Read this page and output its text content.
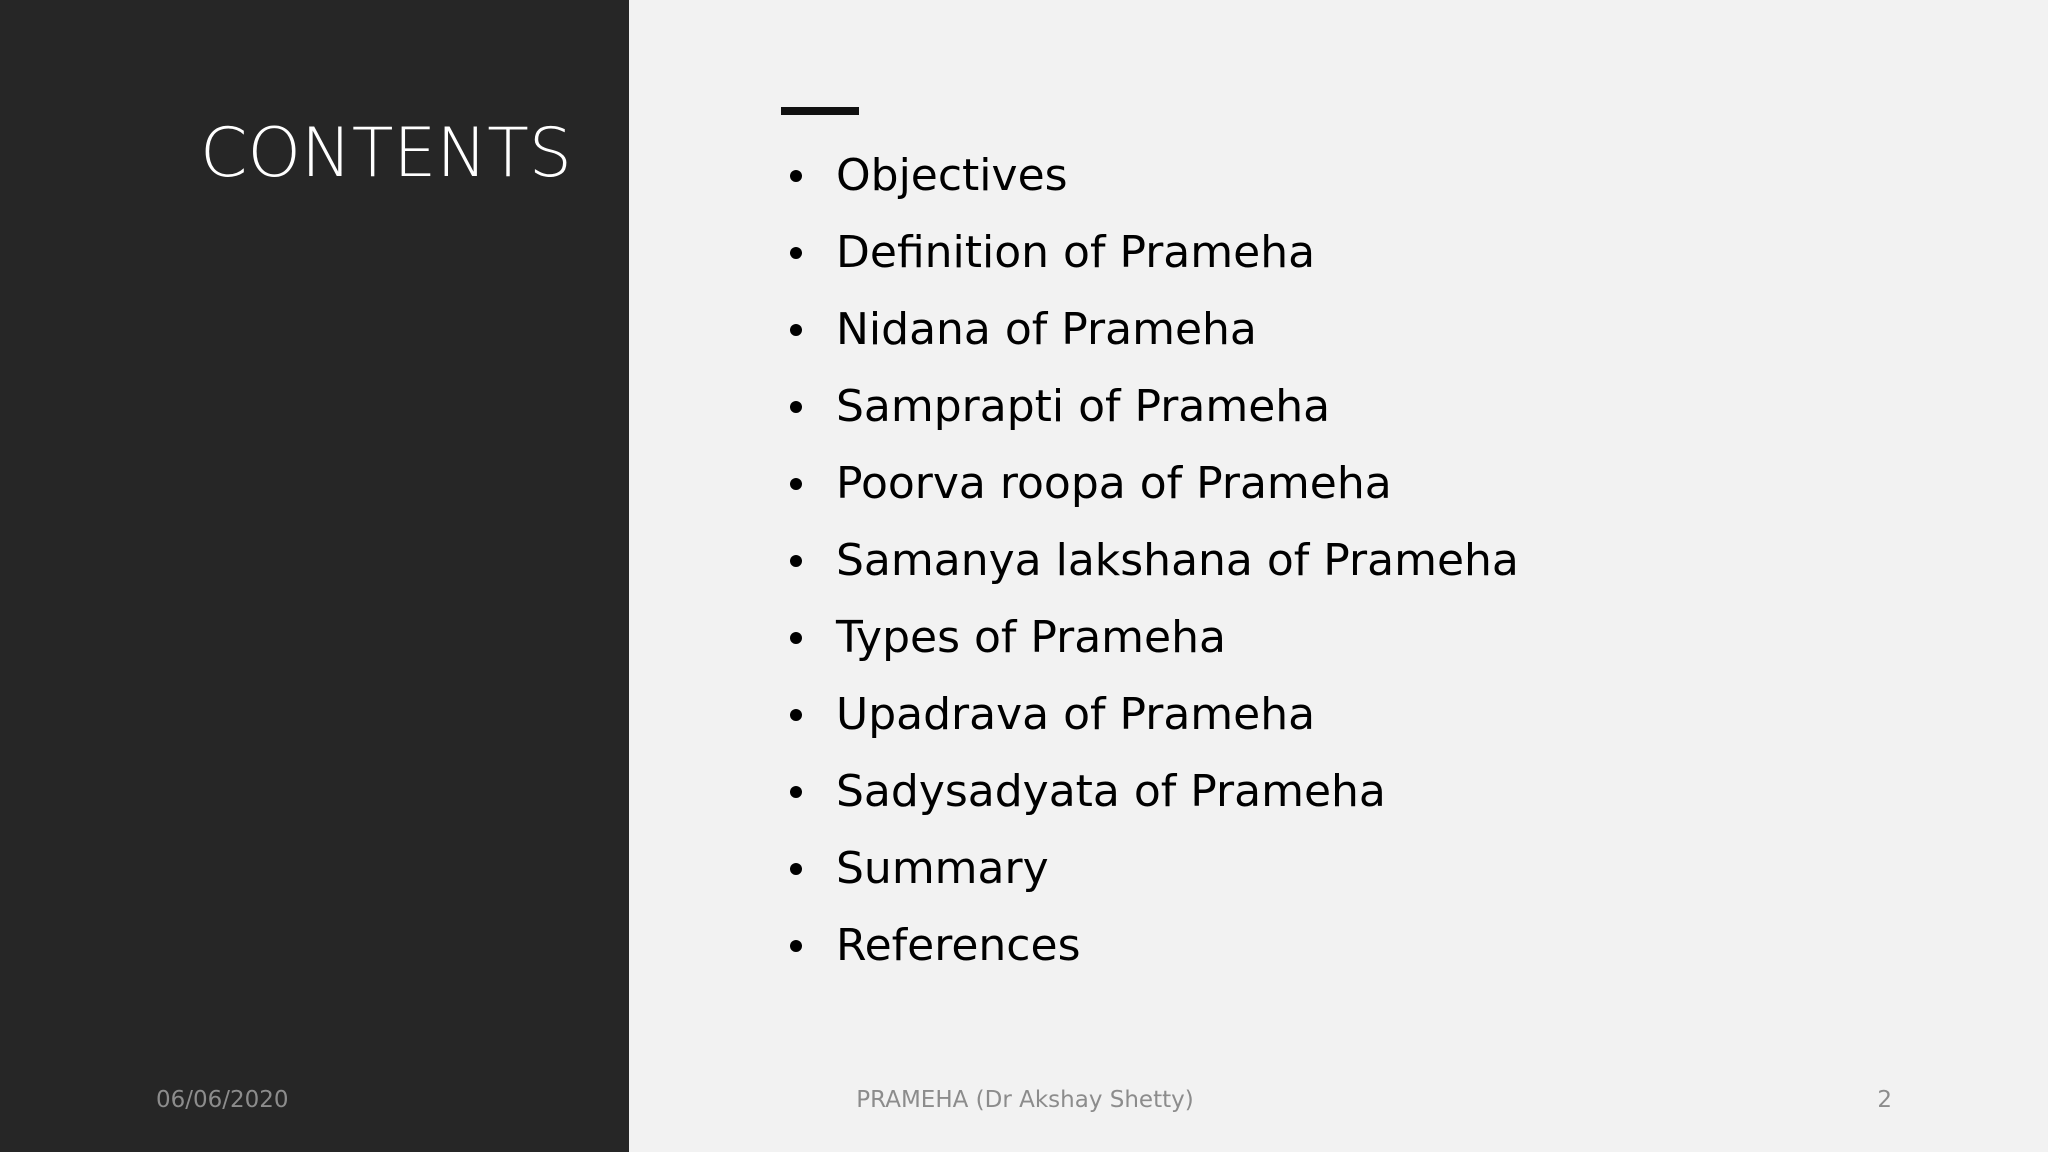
CONTENTS	Objectives
Definition of Prameha
Nidana of Prameha
Samprapti of Prameha
Poorva roopa of Prameha
Samanya lakshana of Prameha
Types of Prameha
Upadrava of Prameha
Sadysadyata of Prameha
Summary
References
06/06/2020	PRAMEHA (Dr Akshay Shetty)	2
